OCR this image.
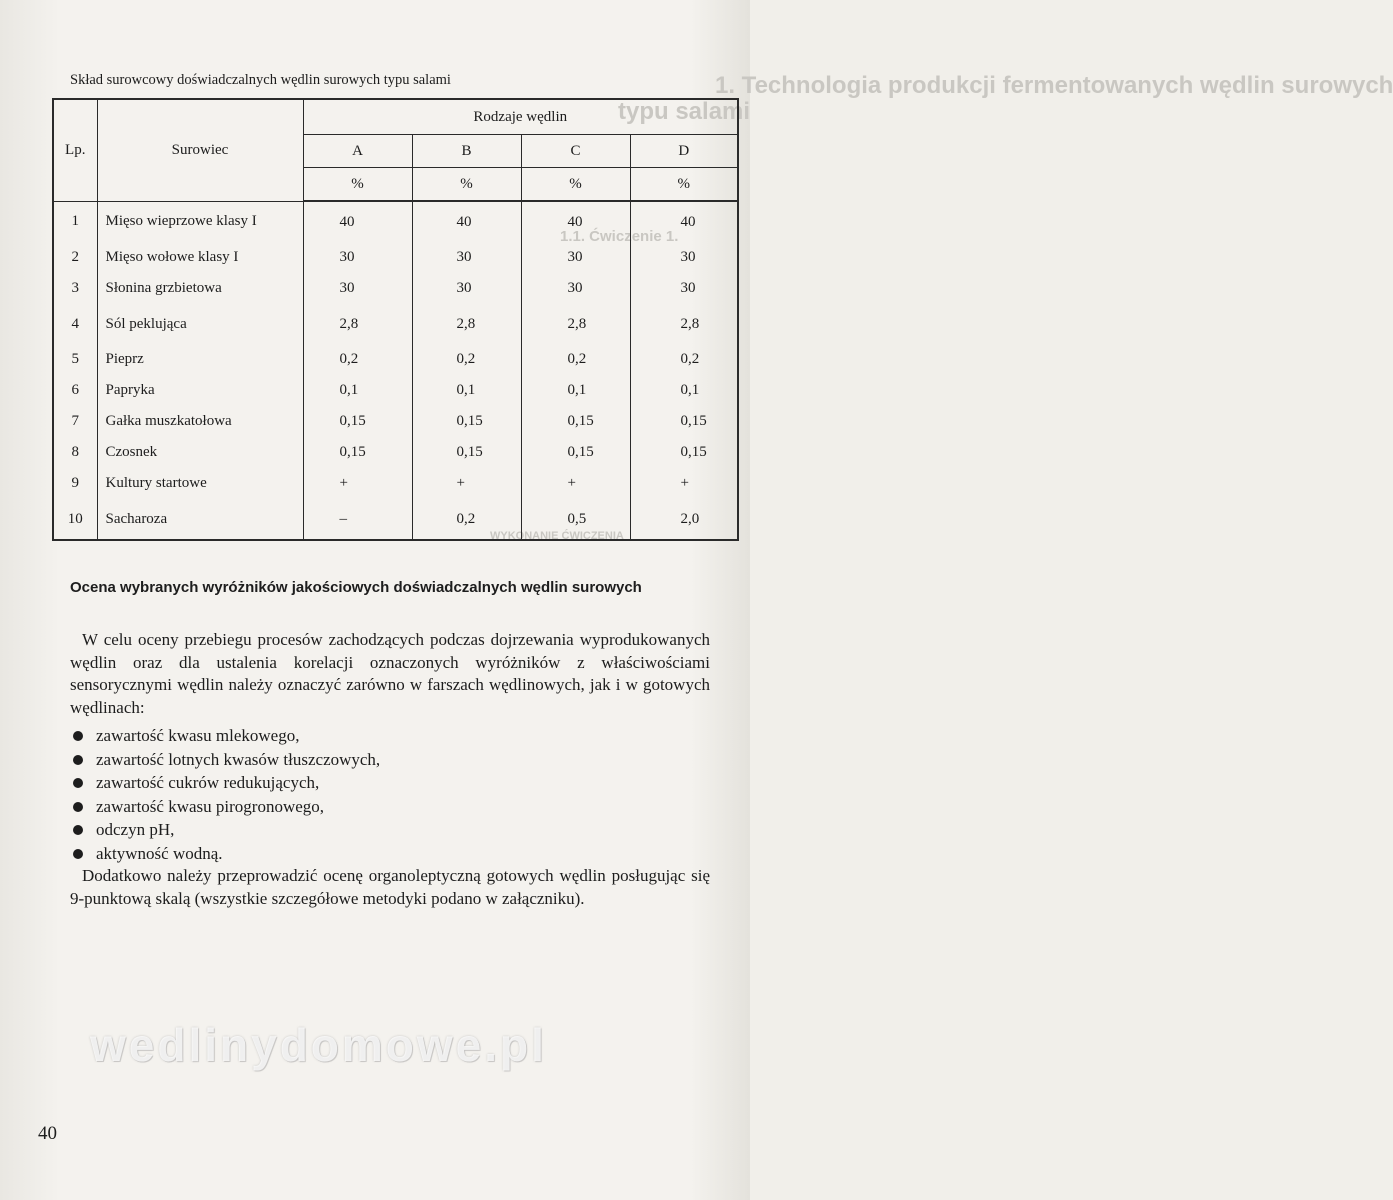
1. Technologia produkcji fermentowanych wędlin surowych
typu salami
1.1. Ćwiczenie 1.
WYKONANIE ĆWICZENIA
Skład surowcowy doświadczalnych wędlin surowych typu salami
Lp.	Surowiec	Rodzaje wędlin			
		A	B	C	D
		%	%	%	%
1	Mięso wieprzowe klasy I	40	40	40	40
2	Mięso wołowe klasy I	30	30	30	30
3	Słonina grzbietowa	30	30	30	30
4	Sól peklująca	2,8	2,8	2,8	2,8
5	Pieprz	0,2	0,2	0,2	0,2
6	Papryka	0,1	0,1	0,1	0,1
7	Gałka muszkatołowa	0,15	0,15	0,15	0,15
8	Czosnek	0,15	0,15	0,15	0,15
9	Kultury startowe	+	+	+	+
10	Sacharoza	–	0,2	0,5	2,0
Ocena wybranych wyróżników jakościowych doświadczalnych wędlin surowych

W celu oceny przebiegu procesów zachodzących podczas dojrzewania wyprodukowanych wędlin oraz dla ustalenia korelacji oznaczonych wyróżników z właściwościami sensorycznymi wędlin należy oznaczyć zarówno w farszach wędlinowych, jak i w gotowych wędlinach:

zawartość kwasu mlekowego,
zawartość lotnych kwasów tłuszczowych,
zawartość cukrów redukujących,
zawartość kwasu pirogronowego,
odczyn pH,
aktywność wodną.

Dodatkowo należy przeprowadzić ocenę organoleptyczną gotowych wędlin posługując się 9-punktową skalą (wszystkie szczegółowe metodyki podano w załączniku).

wedlinydomowe.pl
40
